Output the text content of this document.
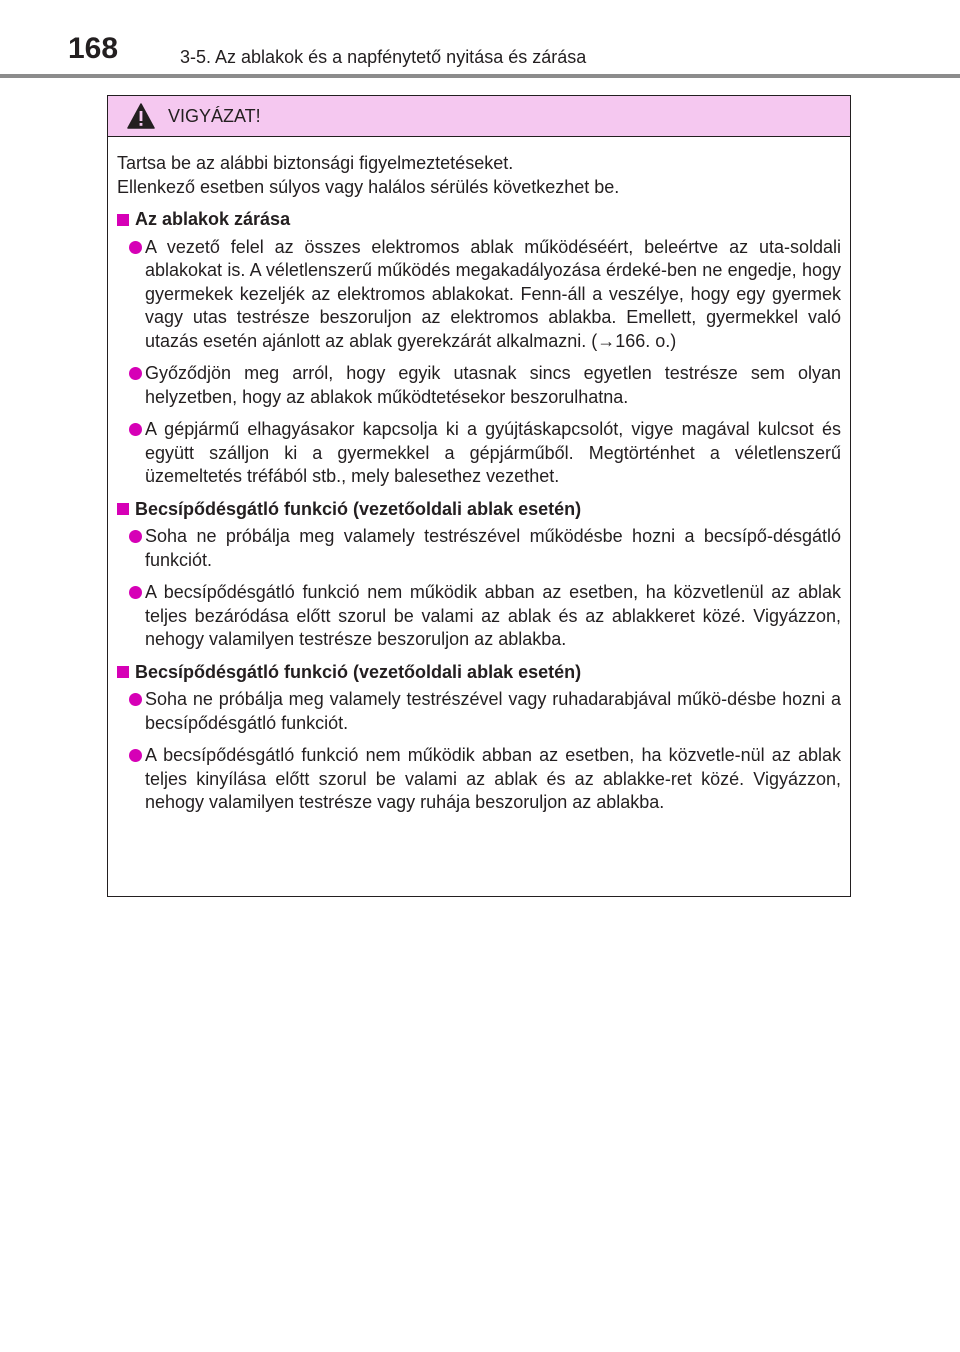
168	3-5. Az ablakok és a napfénytető nyitása és zárása
VIGYÁZAT!

Tartsa be az alábbi biztonsági figyelmeztetéseket.

Ellenkező esetben súlyos vagy halálos sérülés következhet be.

Az ablakok zárása
A vezető felel az összes elektromos ablak működéséért, beleértve az uta-soldali ablakokat is. A véletlenszerű működés megakadályozása érdeké-ben ne engedje, hogy gyermekek kezeljék az elektromos ablakokat. Fenn-áll a veszélye, hogy egy gyermek vagy utas testrésze beszoruljon az elektromos ablakba. Emellett, gyermekkel való utazás esetén ajánlott az ablak gyerekzárát alkalmazni. (→166. o.)
Győződjön meg arról, hogy egyik utasnak sincs egyetlen testrésze sem olyan helyzetben, hogy az ablakok működtetésekor beszorulhatna.
A gépjármű elhagyásakor kapcsolja ki a gyújtáskapcsolót, vigye magával kulcsot és együtt szálljon ki a gyermekkel a gépjárműből. Megtörténhet a véletlenszerű üzemeltetés tréfából stb., mely balesethez vezethet.
Becsípődésgátló funkció (vezetőoldali ablak esetén)
Soha ne próbálja meg valamely testrészével működésbe hozni a becsípő-désgátló funkciót.
A becsípődésgátló funkció nem működik abban az esetben, ha közvetlenül az ablak teljes bezáródása előtt szorul be valami az ablak és az ablakkeret közé. Vigyázzon, nehogy valamilyen testrésze beszoruljon az ablakba.
Becsípődésgátló funkció (vezetőoldali ablak esetén)
Soha ne próbálja meg valamely testrészével vagy ruhadarabjával műkö-désbe hozni a becsípődésgátló funkciót.
A becsípődésgátló funkció nem működik abban az esetben, ha közvetle-nül az ablak teljes kinyílása előtt szorul be valami az ablak és az ablakke-ret közé. Vigyázzon, nehogy valamilyen testrésze vagy ruhája beszoruljon az ablakba.
